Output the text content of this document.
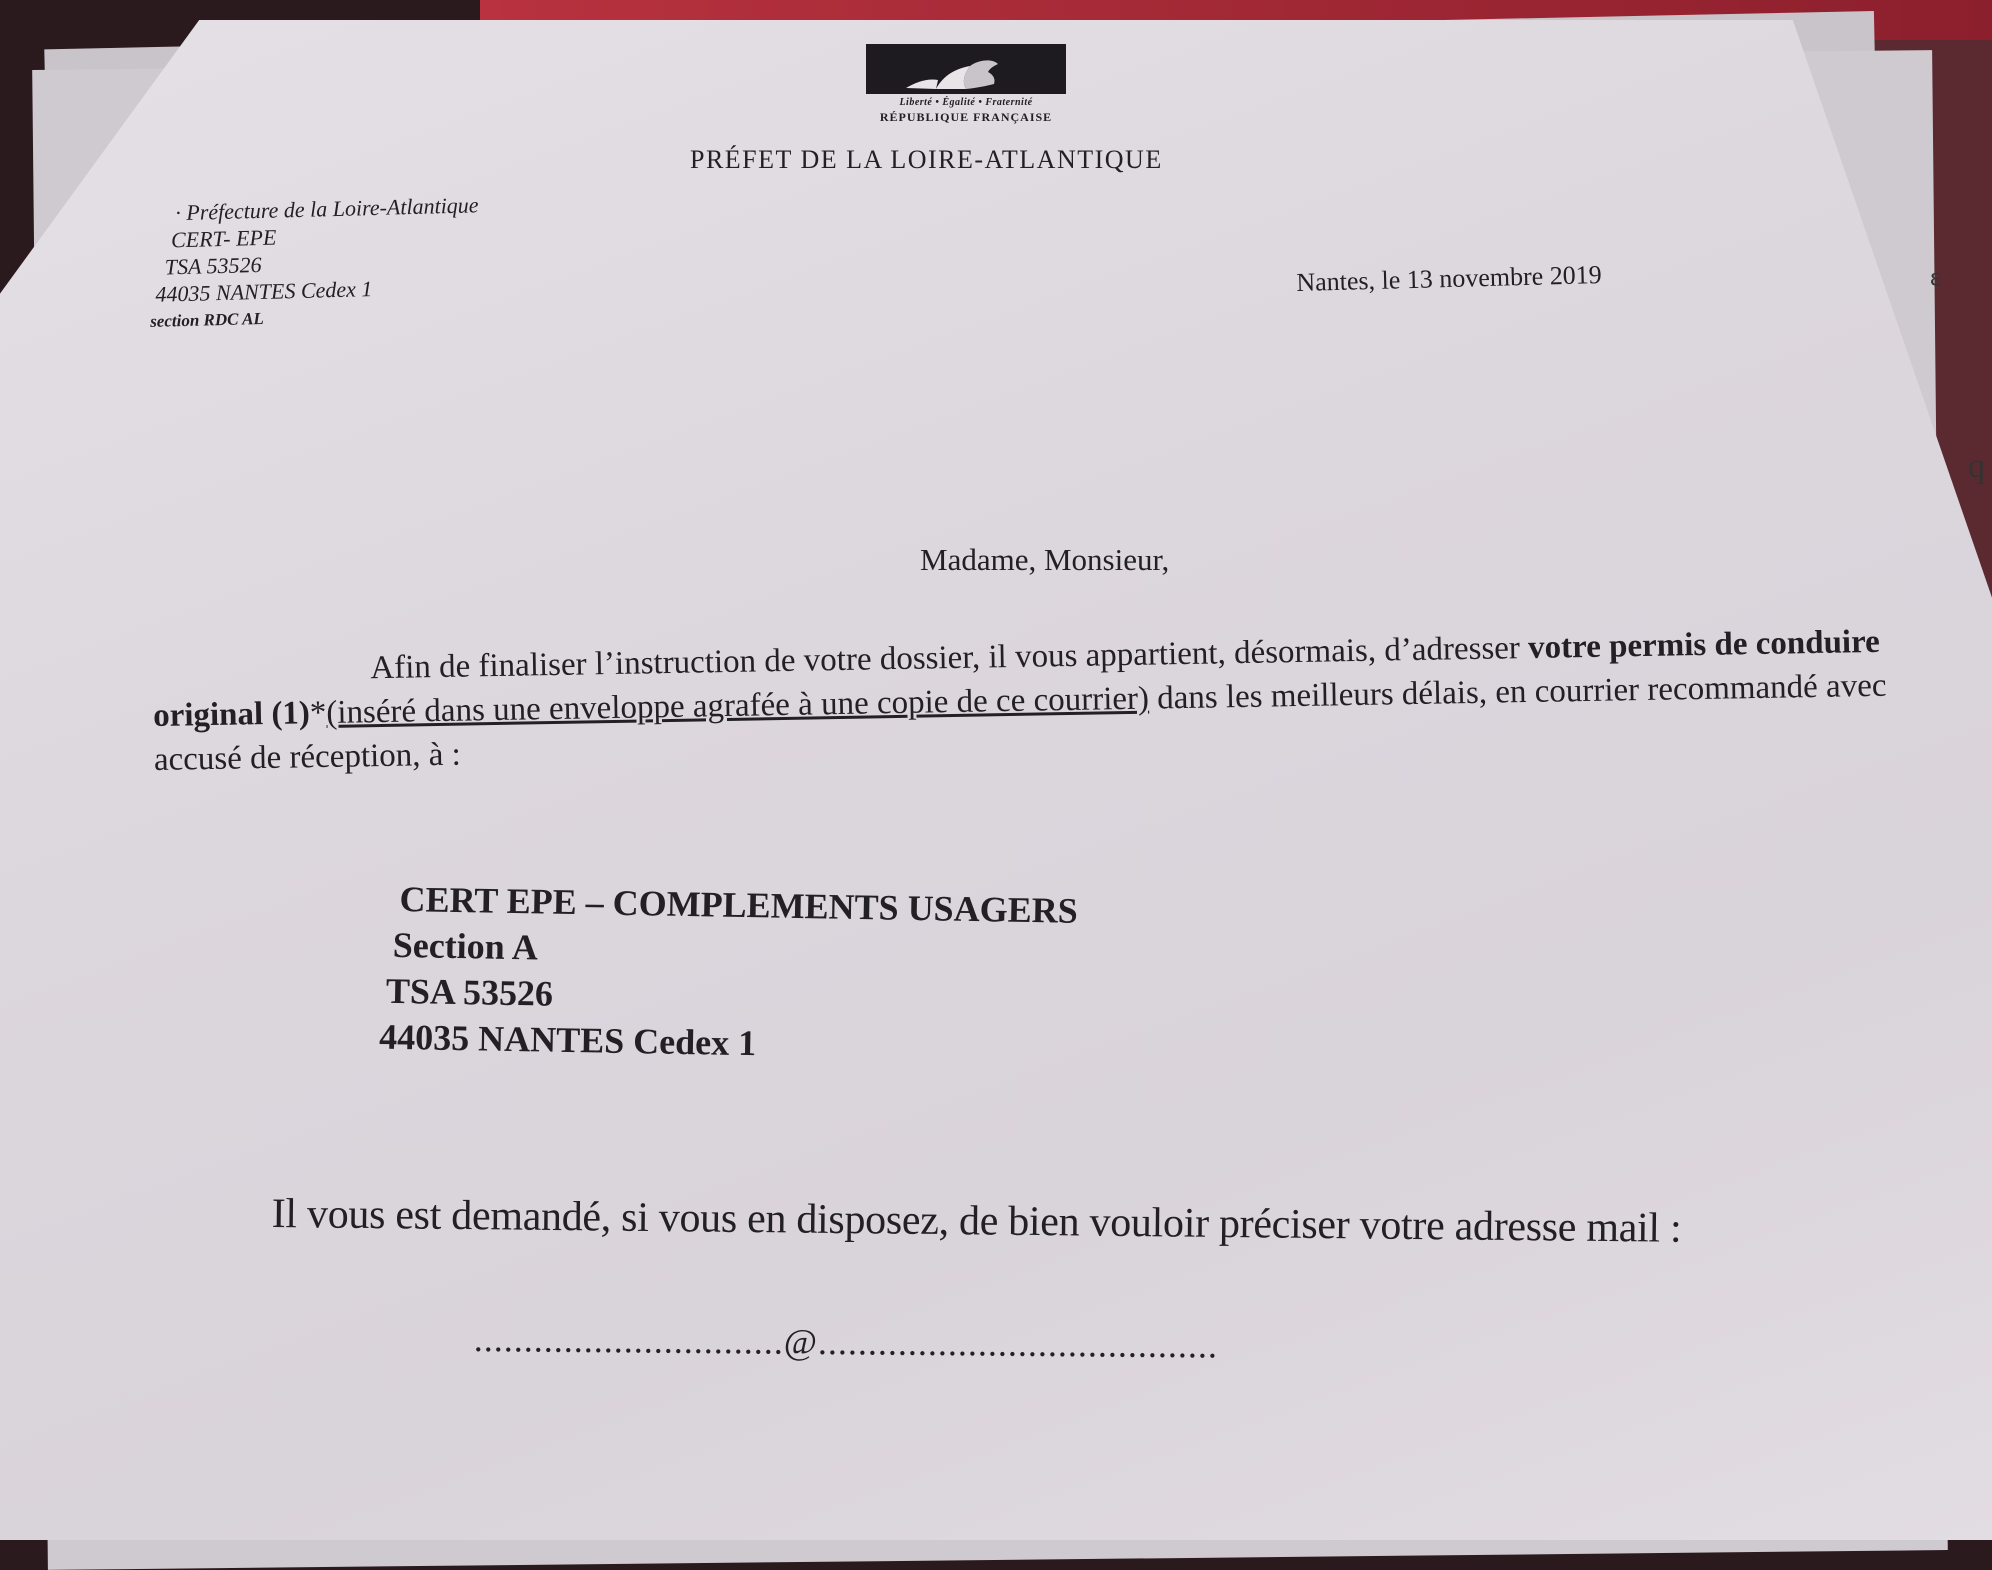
ε
q
Liberté • Égalité • Fraternité
RÉPUBLIQUE FRANÇAISE
PRÉFET DE LA LOIRE-ATLANTIQUE
· Préfecture de la Loire-Atlantique
CERT- EPE
TSA 53526
44035 NANTES Cedex 1
section RDC AL
Nantes, le 13 novembre 2019
Madame, Monsieur,
Afin de finaliser l’instruction de votre dossier, il vous appartient, désormais, d’adresser votre permis de conduire original (1)*(inséré dans une enveloppe agrafée à une copie de ce courrier) dans les meilleurs délais, en courrier recommandé avec accusé de réception, à :
CERT EPE – COMPLEMENTS USAGERS
Section A
TSA 53526
44035 NANTES Cedex 1
Il vous est demandé, si vous en disposez, de bien vouloir préciser votre adresse mail :
...............................@........................................
